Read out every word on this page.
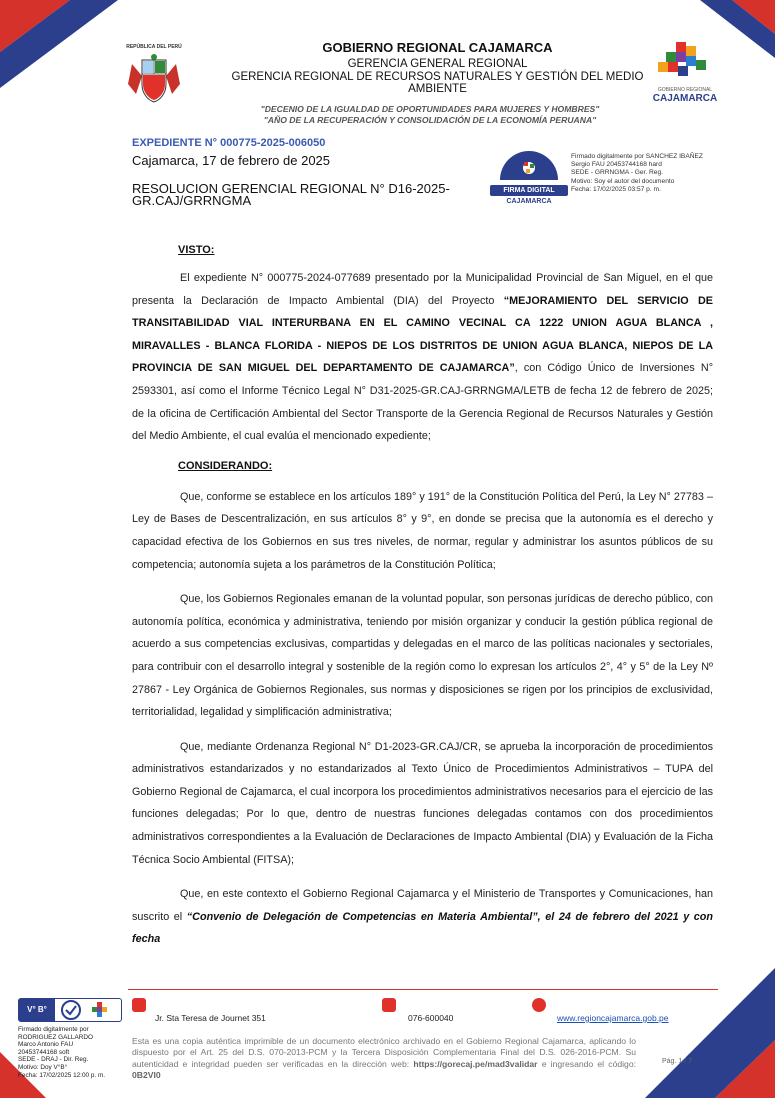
REPÚBLICA DEL PERÚ	GOBIERNO REGIONAL CAJAMARCA
GERENCIA GENERAL REGIONAL
GERENCIA REGIONAL DE RECURSOS NATURALES Y GESTIÓN DEL MEDIO
AMBIENTE	GOBIERNO REGIONAL
CAJAMARCA
"DECENIO DE LA IGUALDAD DE OPORTUNIDADES PARA MUJERES Y HOMBRES"
"AÑO DE LA RECUPERACIÓN Y CONSOLIDACIÓN DE LA ECONOMÍA PERUANA"
EXPEDIENTE N° 000775-2025-006050
Cajamarca, 17 de febrero de 2025
RESOLUCION GERENCIAL REGIONAL N° D16-2025-
GR.CAJ/GRRNGMA
FIRMA DIGITAL
CAJAMARCA
Firmado digitalmente por SANCHEZ IBAÑEZ
Sergio FAU 20453744168 hard
SEDE - GRRNGMA - Ger. Reg.
Motivo: Soy el autor del documento
Fecha: 17/02/2025 03:57 p. m.
VISTO:

El expediente N° 000775-2024-077689 presentado por la Municipalidad Provincial de San Miguel, en el que presenta la Declaración de Impacto Ambiental (DIA) del Proyecto “MEJORAMIENTO DEL SERVICIO DE TRANSITABILIDAD VIAL INTERURBANA EN EL CAMINO VECINAL CA 1222 UNION AGUA BLANCA , MIRAVALLES - BLANCA FLORIDA - NIEPOS DE LOS DISTRITOS DE UNION AGUA BLANCA, NIEPOS DE LA PROVINCIA DE SAN MIGUEL DEL DEPARTAMENTO DE CAJAMARCA”, con Código Único de Inversiones N° 2593301, así como el Informe Técnico Legal N° D31-2025-GR.CAJ-GRRNGMA/LETB de fecha 12 de febrero de 2025; de la oficina de Certificación Ambiental del Sector Transporte de la Gerencia Regional de Recursos Naturales y Gestión del Medio Ambiente, el cual evalúa el mencionado expediente;

CONSIDERANDO:

Que, conforme se establece en los artículos 189° y 191° de la Constitución Política del Perú, la Ley N° 27783 – Ley de Bases de Descentralización, en sus artículos 8° y 9°, en donde se precisa que la autonomía es el derecho y capacidad efectiva de los Gobiernos en sus tres niveles, de normar, regular y administrar los asuntos públicos de su competencia; autonomía sujeta a los parámetros de la Constitución Política;

Que, los Gobiernos Regionales emanan de la voluntad popular, son personas jurídicas de derecho público, con autonomía política, económica y administrativa, teniendo por misión organizar y conducir la gestión pública regional de acuerdo a sus competencias exclusivas, compartidas y delegadas en el marco de las políticas nacionales y sectoriales, para contribuir con el desarrollo integral y sostenible de la región como lo expresan los artículos 2°, 4° y 5° de la Ley Nº 27867 - Ley Orgánica de Gobiernos Regionales, sus normas y disposiciones se rigen por los principios de exclusividad, territorialidad, legalidad y simplificación administrativa;

Que, mediante Ordenanza Regional N° D1-2023-GR.CAJ/CR, se aprueba la incorporación de procedimientos administrativos estandarizados y no estandarizados al Texto Único de Procedimientos Administrativos – TUPA del Gobierno Regional de Cajamarca, el cual incorpora los procedimientos administrativos necesarios para el ejercicio de las funciones delegadas; Por lo que, dentro de nuestras funciones delegadas contamos con dos procedimientos administrativos correspondientes a la Evaluación de Declaraciones de Impacto Ambiental (DIA) y Evaluación de la Ficha Técnica Socio Ambiental (FITSA);

Que, en este contexto el Gobierno Regional Cajamarca y el Ministerio de Transportes y Comunicaciones, han suscrito el “Convenio de Delegación de Competencias en Materia Ambiental”, el 24 de febrero del 2021 y con fecha

Jr. Sta Teresa de Journet 351	076-600040	www.regioncajamarca.gob.pe
Esta es una copia auténtica imprimible de un documento electrónico archivado en el Gobierno Regional Cajamarca, aplicando lo dispuesto por el Art. 25 del D.S. 070-2013-PCM y la Tercera Disposición Complementaria Final del D.S. 026-2016-PCM. Su autenticidad e integridad pueden ser verificadas en la dirección web: https://gorecaj.pe/mad3validar e ingresando el código: 0B2VI0
Pág. 1 / 7
V° B°
Firmado digitalmente por
RODRIGUEZ GALLARDO
Marco Antonio FAU
20453744168 soft
SEDE - DRAJ - Dir. Reg.
Motivo: Doy V°B°
Fecha: 17/02/2025 12:00 p. m.
